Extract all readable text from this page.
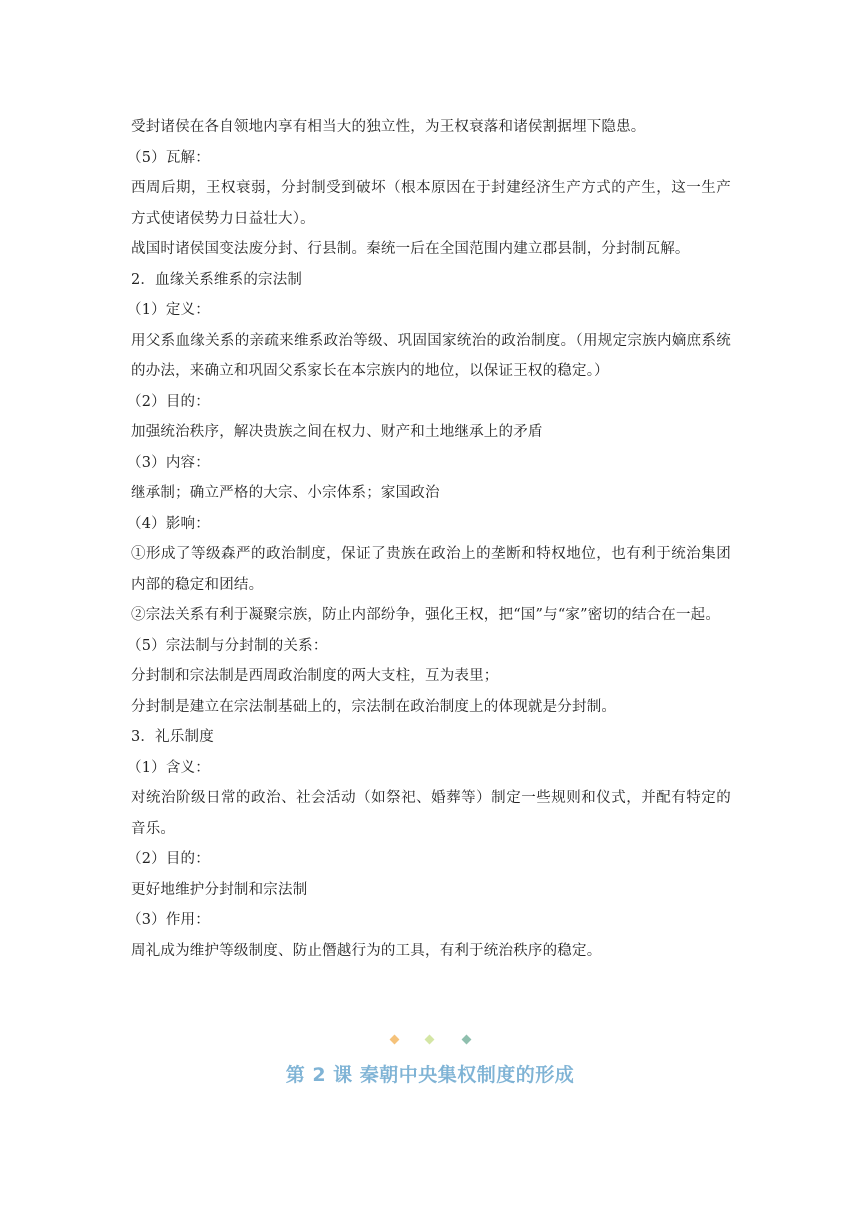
受封诸侯在各自领地内享有相当大的独立性，为王权衰落和诸侯割据埋下隐患。
（5）瓦解：
西周后期，王权衰弱，分封制受到破坏（根本原因在于封建经济生产方式的产生，这一生产方式使诸侯势力日益壮大）。
战国时诸侯国变法废分封、行县制。秦统一后在全国范围内建立郡县制，分封制瓦解。
2．血缘关系维系的宗法制
（1）定义：
用父系血缘关系的亲疏来维系政治等级、巩固国家统治的政治制度。（用规定宗族内嫡庶系统的办法，来确立和巩固父系家长在本宗族内的地位，以保证王权的稳定。）
（2）目的：
加强统治秩序，解决贵族之间在权力、财产和土地继承上的矛盾
（3）内容：
继承制；确立严格的大宗、小宗体系；家国政治
（4）影响：
①形成了等级森严的政治制度，保证了贵族在政治上的垄断和特权地位，也有利于统治集团内部的稳定和团结。
②宗法关系有利于凝聚宗族，防止内部纷争，强化王权，把“国”与“家”密切的结合在一起。
（5）宗法制与分封制的关系：
分封制和宗法制是西周政治制度的两大支柱，互为表里；
分封制是建立在宗法制基础上的，宗法制在政治制度上的体现就是分封制。
3．礼乐制度
（1）含义：
对统治阶级日常的政治、社会活动（如祭祀、婚葬等）制定一些规则和仪式，并配有特定的音乐。
（2）目的：
更好地维护分封制和宗法制
（3）作用：
周礼成为维护等级制度、防止僭越行为的工具，有利于统治秩序的稳定。
第 2 课 秦朝中央集权制度的形成
